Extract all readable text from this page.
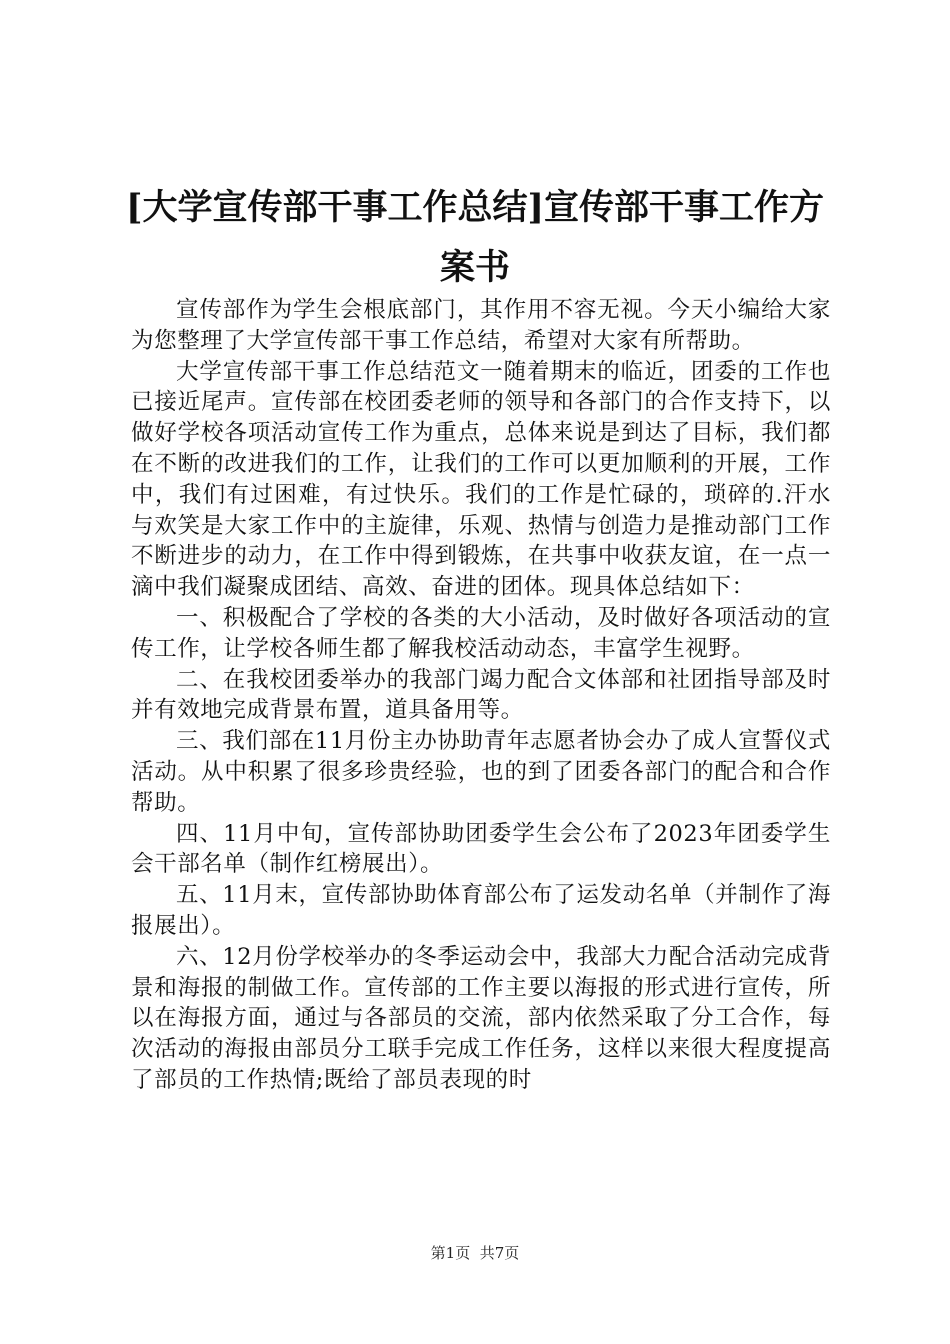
[大学宣传部干事工作总结]宣传部干事工作方案书

宣传部作为学生会根底部门，其作用不容无视。今天小编给大家为您整理了大学宣传部干事工作总结，希望对大家有所帮助。

大学宣传部干事工作总结范文一随着期末的临近，团委的工作也已接近尾声。宣传部在校团委老师的领导和各部门的合作支持下，以做好学校各项活动宣传工作为重点，总体来说是到达了目标，我们都在不断的改进我们的工作，让我们的工作可以更加顺利的开展，工作中，我们有过困难，有过快乐。我们的工作是忙碌的，琐碎的.汗水与欢笑是大家工作中的主旋律，乐观、热情与创造力是推动部门工作不断进步的动力，在工作中得到锻炼，在共事中收获友谊，在一点一滴中我们凝聚成团结、高效、奋进的团体。现具体总结如下：

一、积极配合了学校的各类的大小活动，及时做好各项活动的宣传工作，让学校各师生都了解我校活动动态，丰富学生视野。

二、在我校团委举办的我部门竭力配合文体部和社团指导部及时并有效地完成背景布置，道具备用等。

三、我们部在11月份主办协助青年志愿者协会办了成人宣誓仪式活动。从中积累了很多珍贵经验，也的到了团委各部门的配合和合作帮助。

四、11月中旬，宣传部协助团委学生会公布了2023年团委学生会干部名单（制作红榜展出）。

五、11月末，宣传部协助体育部公布了运发动名单（并制作了海报展出）。

六、12月份学校举办的冬季运动会中，我部大力配合活动完成背景和海报的制做工作。宣传部的工作主要以海报的形式进行宣传，所以在海报方面，通过与各部员的交流，部内依然采取了分工合作，每次活动的海报由部员分工联手完成工作任务，这样以来很大程度提高了部员的工作热情;既给了部员表现的时

第1页 共7页
